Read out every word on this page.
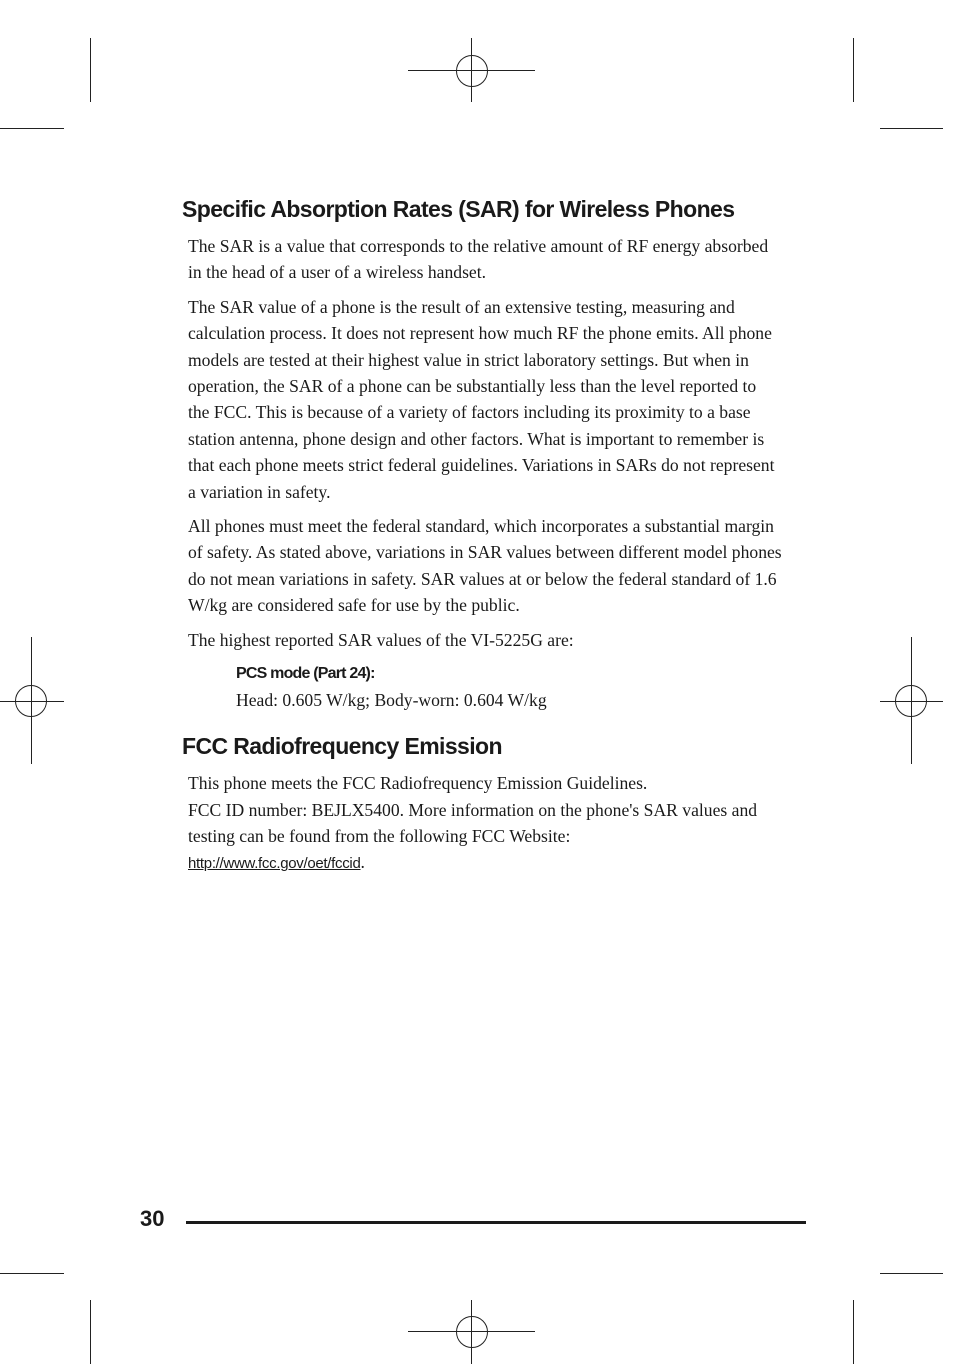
Specific Absorption Rates (SAR) for Wireless Phones

The SAR is a value that corresponds to the relative amount of RF energy absorbed in the head of a user of a wireless handset.

The SAR value of a phone is the result of an extensive testing, measuring and calculation process. It does not represent how much RF the phone emits. All phone models are tested at their highest value in strict laboratory settings. But when in operation, the SAR of a phone can be substantially less than the level reported to the FCC. This is because of a variety of factors including its proximity to a base station antenna, phone design and other factors. What is important to remember is that each phone meets strict federal guidelines. Variations in SARs do not represent a variation in safety.

All phones must meet the federal standard, which incorporates a substantial margin of safety. As stated above, variations in SAR values between different model phones do not mean variations in safety. SAR values at or below the federal standard of 1.6 W/kg are considered safe for use by the public.

The highest reported SAR values of the VI-5225G are:

PCS mode (Part 24):
Head: 0.605 W/kg; Body-worn: 0.604 W/kg
FCC Radiofrequency Emission

This phone meets the FCC Radiofrequency Emission Guidelines.
FCC ID number: BEJLX5400. More information on the phone's SAR values and testing can be found from the following FCC Website:
http://www.fcc.gov/oet/fccid.

30
